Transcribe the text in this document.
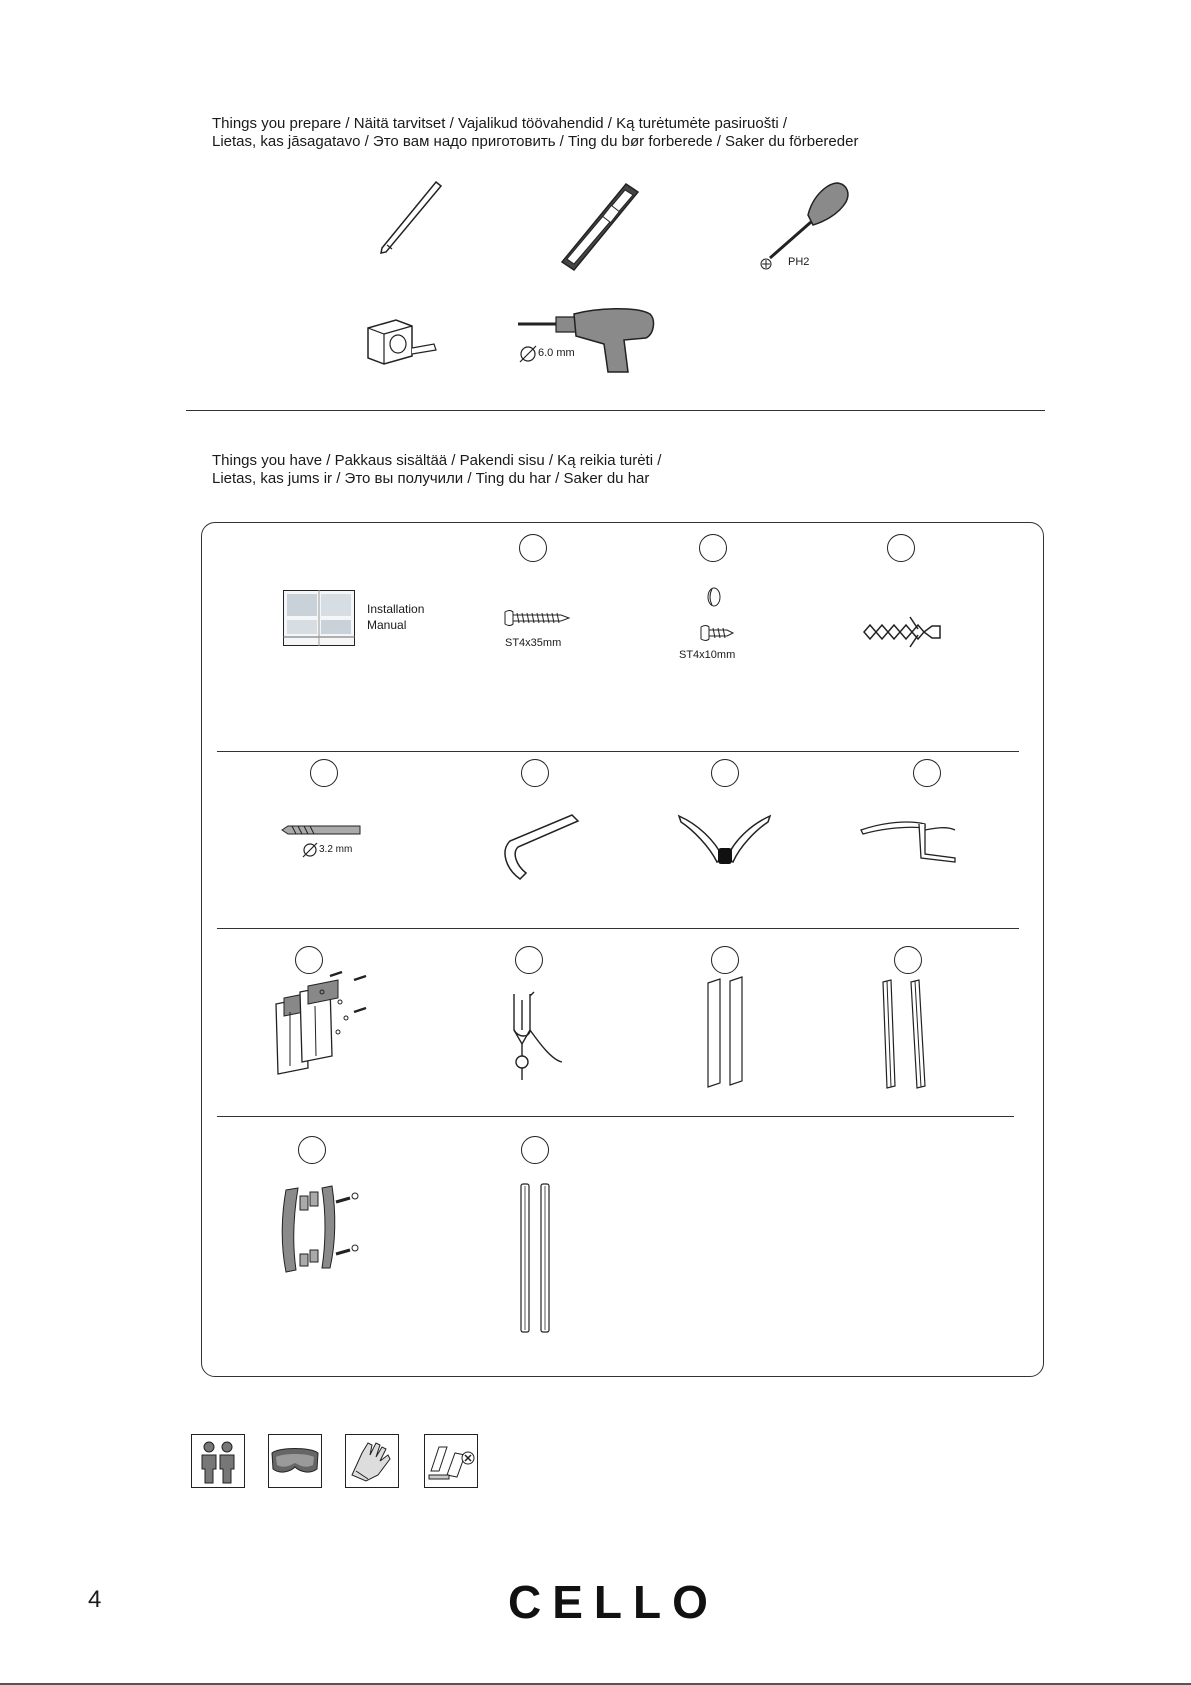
Things you prepare / Näitä tarvitset / Vajalikud töövahendid / Ką turėtumėte pasiruošti /
Lietas, kas jāsagatavo / Это вам надо приготовить / Ting du bør forberede / Saker du förbereder
PH2
6.0 mm
Things you have / Pakkaus sisältää / Pakendi sisu / Ką reikia turėti /
Lietas, kas jums ir / Это вы получили / Ting du har / Saker du har
Installation
Manual
ST4x35mm
ST4x10mm
3.2 mm
4	CELLO
